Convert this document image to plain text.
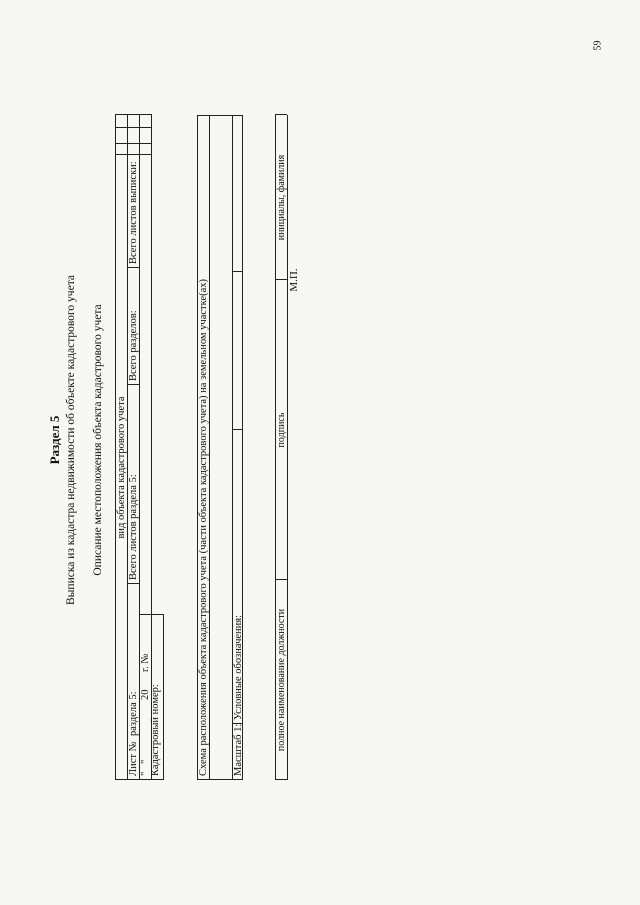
59
Раздел 5 Выписка из кадастра недвижимости об объекте кадастрового учета Описание местоположения объекта кадастрового учета вид объекта кадастрового учета
Лист №
раздела 5:
Всего листов раздела 5:
Всего разделов:
Всего листов выписки:
"
"
20
г. №
Кадастровый номер:	Схема расположения объекта кадастрового учета (части объекта кадастрового учета) на земельном участке(ах) Масштаб 1:
Условные обозначения:	полное наименование должности
подпись
инициалы, фамилия
М.П.
